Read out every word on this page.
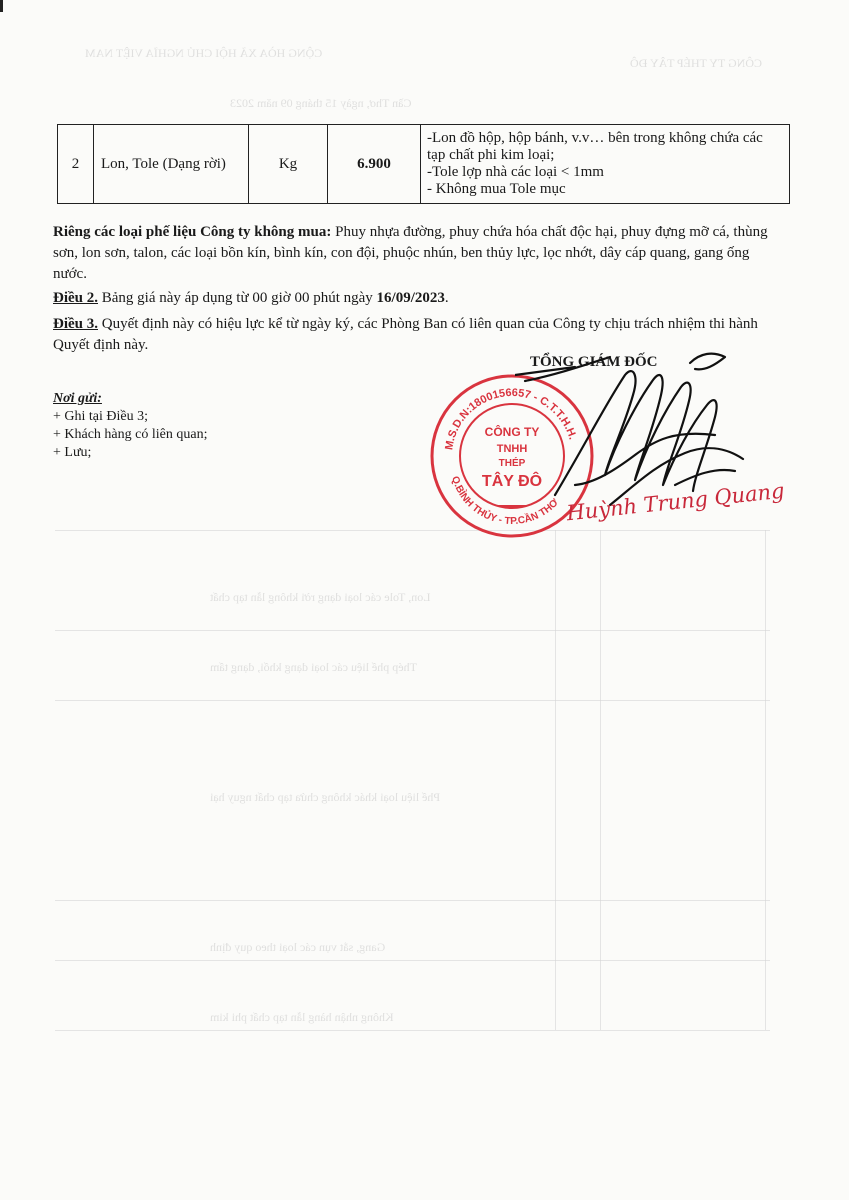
CỘNG HÒA XÃ HỘI CHỦ NGHĨA VIỆT NAM
CÔNG TY THÉP TÂY ĐÔ
Cần Thơ, ngày 15 tháng 09 năm 2023
Lon, Tole các loại dạng rời không lẫn tạp chất
Thép phế liệu các loại dạng khối, dạng tấm
Phế liệu loại khác không chứa tạp chất nguy hại
Gang, sắt vụn các loại theo quy định
Không nhận hàng lẫn tạp chất phi kim
2	Lon, Tole (Dạng rời)	Kg	6.900	
-Lon đồ hộp, hộp bánh, v.v… bên trong không chứa các tạp chất phi kim loại;
-Tole lợp nhà các loại < 1mm
- Không mua Tole mục
Riêng các loại phế liệu Công ty không mua: Phuy nhựa đường, phuy chứa hóa chất độc hại, phuy đựng mỡ cá, thùng sơn, lon sơn, talon, các loại bồn kín, bình kín, con đội, phuộc nhún, ben thủy lực, lọc nhớt, dây cáp quang, gang ống nước.
Điều 2. Bảng giá này áp dụng từ 00 giờ 00 phút ngày 16/09/2023.
Điều 3. Quyết định này có hiệu lực kể từ ngày ký, các Phòng Ban có liên quan của Công ty chịu trách nhiệm thi hành Quyết định này.
Nơi gửi:
+ Ghi tại Điều 3;
+ Khách hàng có liên quan;
+ Lưu;
TỔNG GIÁM ĐỐC
M.S.D.N:1800156657 - C.T.T.H.H.
Q.BÌNH THỦY - TP.CẦN THƠ
CÔNG TY
TNHH
THÉP
TÂY ĐÔ Huỳnh Trung Quang
